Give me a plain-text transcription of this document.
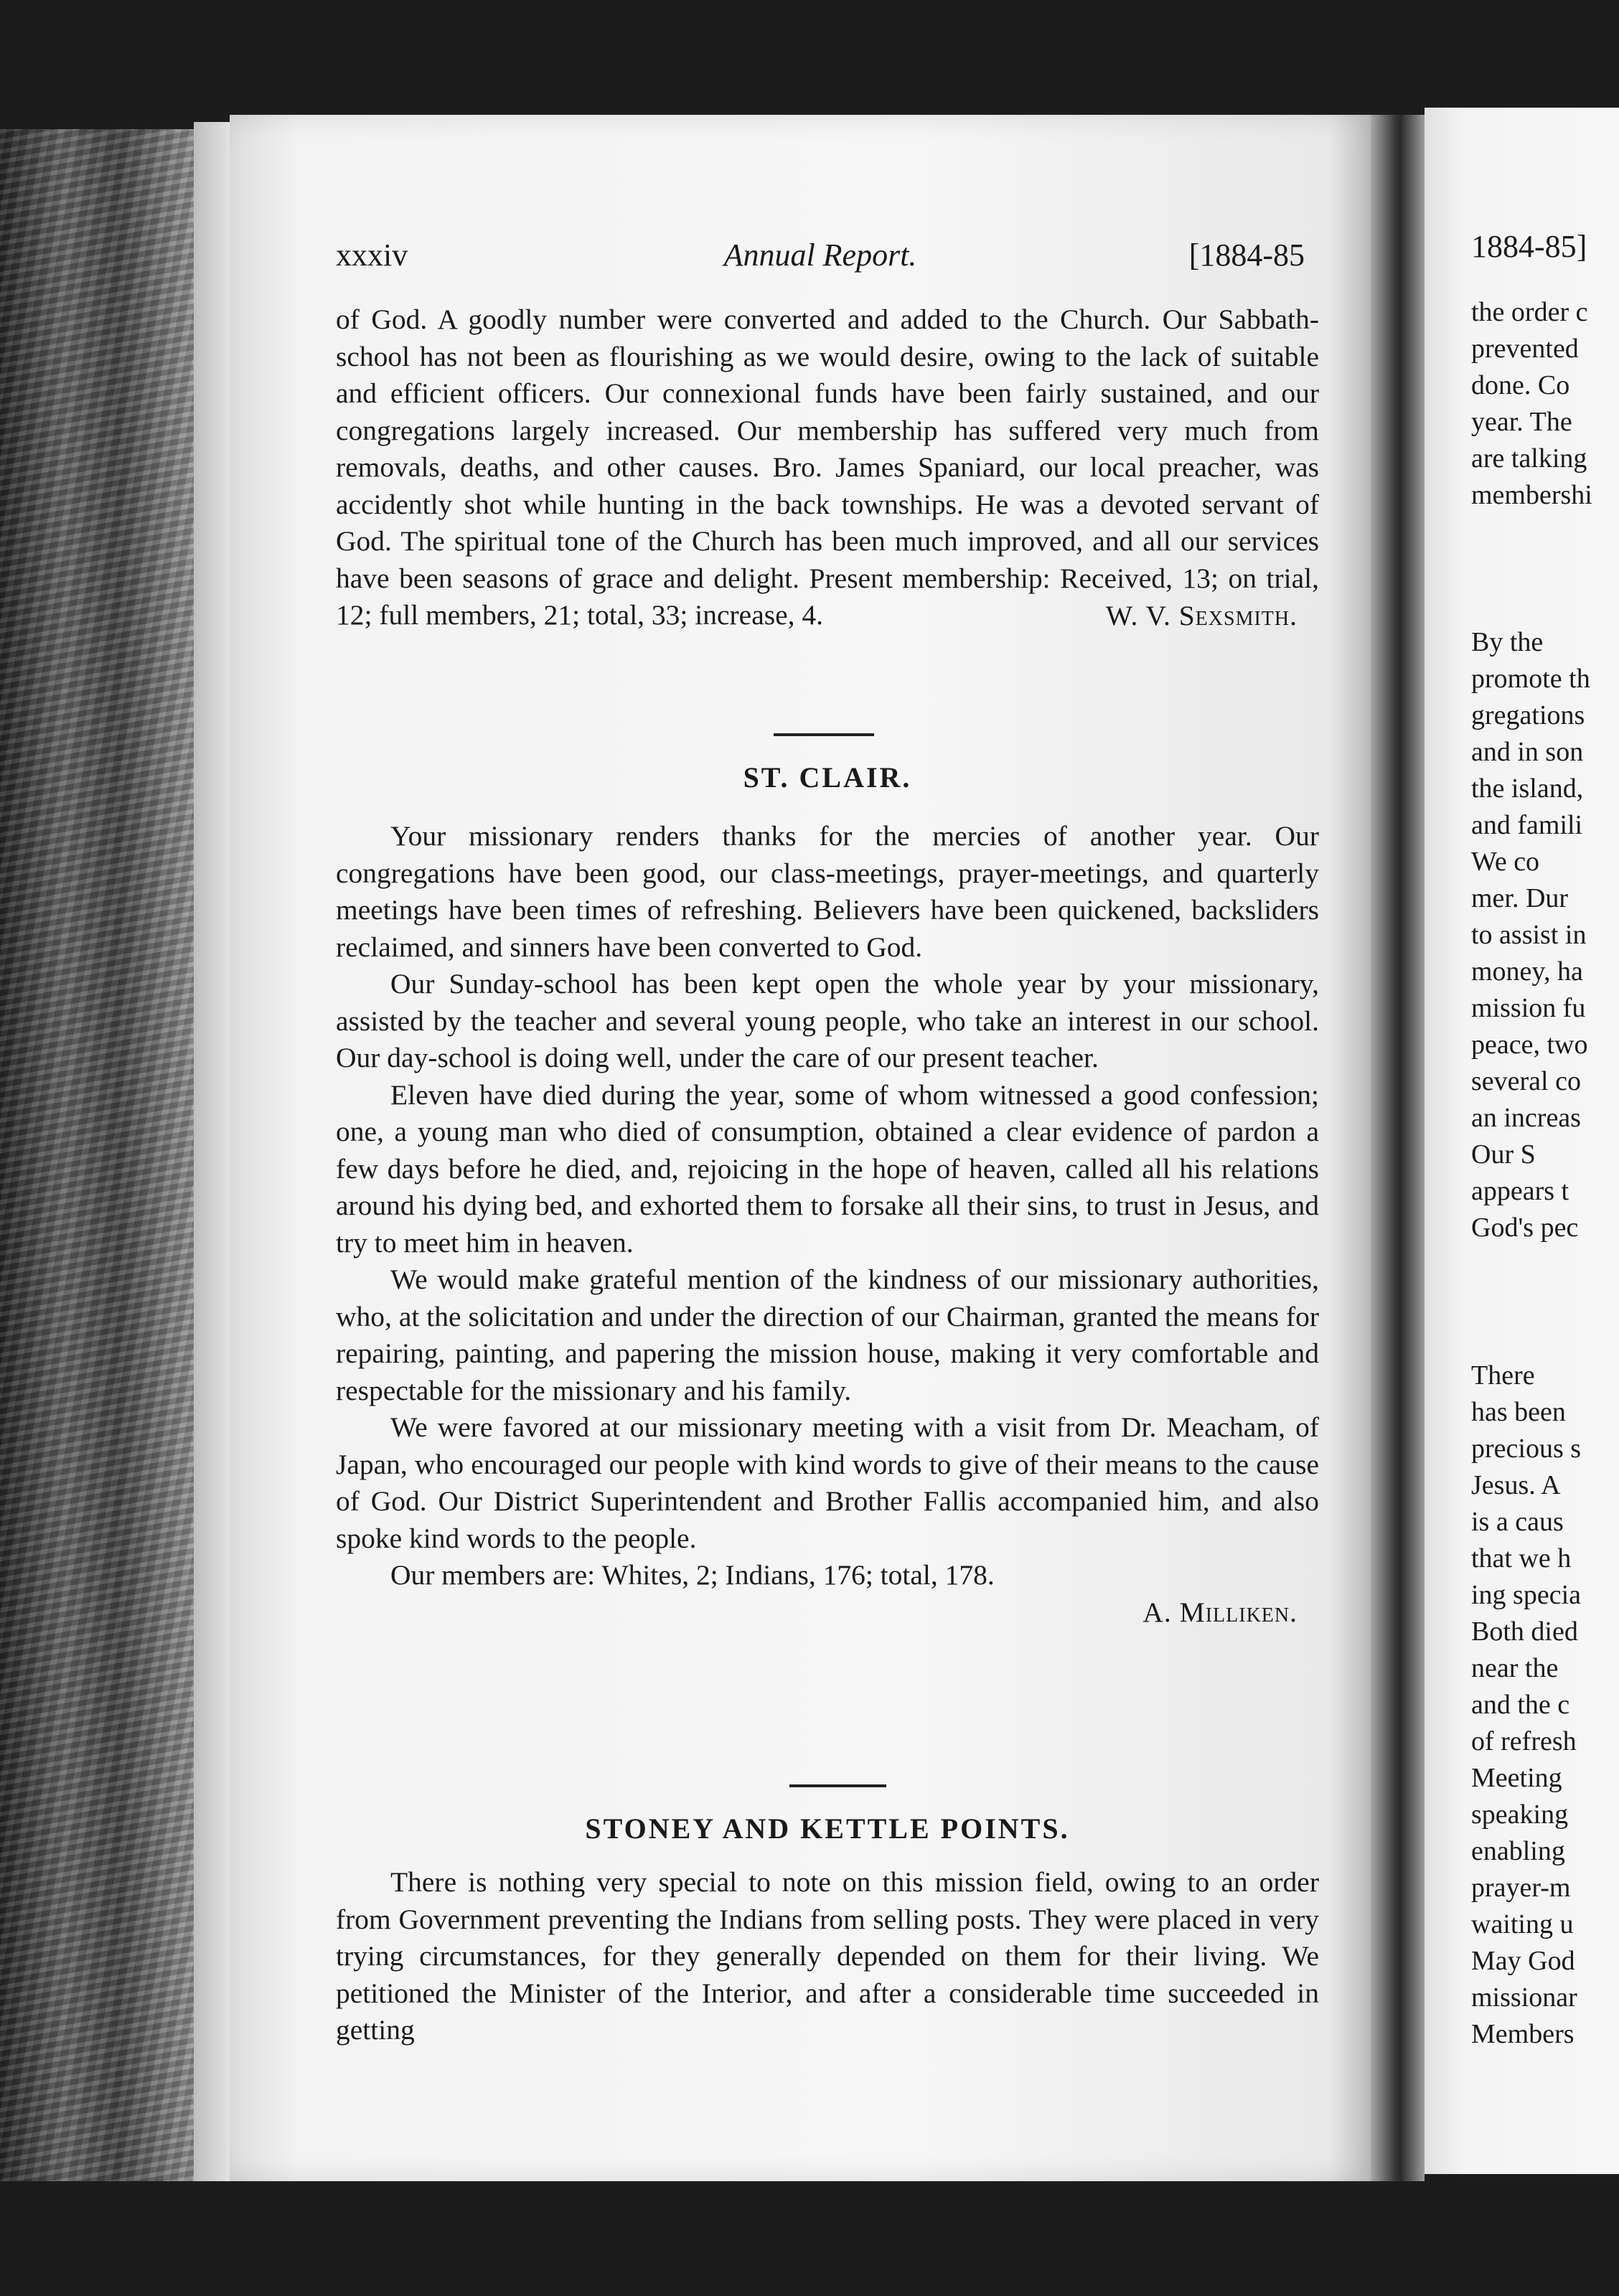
xxxiv	Annual Report.	[1884-85

of God. A goodly number were converted and added to the Church. Our Sabbath-school has not been as flourishing as we would desire, owing to the lack of suitable and efficient officers. Our connexional funds have been fairly sustained, and our congregations largely increased. Our membership has suffered very much from removals, deaths, and other causes. Bro. James Spaniard, our local preacher, was accidently shot while hunting in the back townships. He was a devoted servant of God. The spiritual tone of the Church has been much improved, and all our services have been seasons of grace and delight. Present membership: Received, 13; on trial, 12; full members, 21; total, 33; increase, 4.	W. V. Sexsmith.
ST. CLAIR.

Your missionary renders thanks for the mercies of another year. Our congregations have been good, our class-meetings, prayer-meetings, and quarterly meetings have been times of refreshing. Believers have been quickened, backsliders reclaimed, and sinners have been converted to God.

Our Sunday-school has been kept open the whole year by your missionary, assisted by the teacher and several young people, who take an interest in our school. Our day-school is doing well, under the care of our present teacher.

Eleven have died during the year, some of whom witnessed a good confession; one, a young man who died of consumption, obtained a clear evidence of pardon a few days before he died, and, rejoicing in the hope of heaven, called all his relations around his dying bed, and exhorted them to forsake all their sins, to trust in Jesus, and try to meet him in heaven.

We would make grateful mention of the kindness of our missionary authorities, who, at the solicitation and under the direction of our Chairman, granted the means for repairing, painting, and papering the mission house, making it very comfortable and respectable for the missionary and his family.

We were favored at our missionary meeting with a visit from Dr. Meacham, of Japan, who encouraged our people with kind words to give of their means to the cause of God. Our District Superintendent and Brother Fallis accompanied him, and also spoke kind words to the people.

Our members are: Whites, 2; Indians, 176; total, 178.

A. Milliken.
STONEY AND KETTLE POINTS.

There is nothing very special to note on this mission field, owing to an order from Government preventing the Indians from selling posts. They were placed in very trying circumstances, for they generally depended on them for their living. We petitioned the Minister of the Interior, and after a considerable time succeeded in getting

1884-85]
the order c
prevented
done. Co
year. The
are talking
membershi
By the
promote th
gregations
and in son
the island,
and famili
We co
mer. Dur
to assist in
money, ha
mission fu
peace, two
several co
an increas
Our S
appears t
God's pec
There
has been
precious s
Jesus. A
is a caus
that we h
ing specia
Both died
near the
and the c
of refresh
Meeting
speaking
enabling
prayer-m
waiting u
May God
missionar
Members
